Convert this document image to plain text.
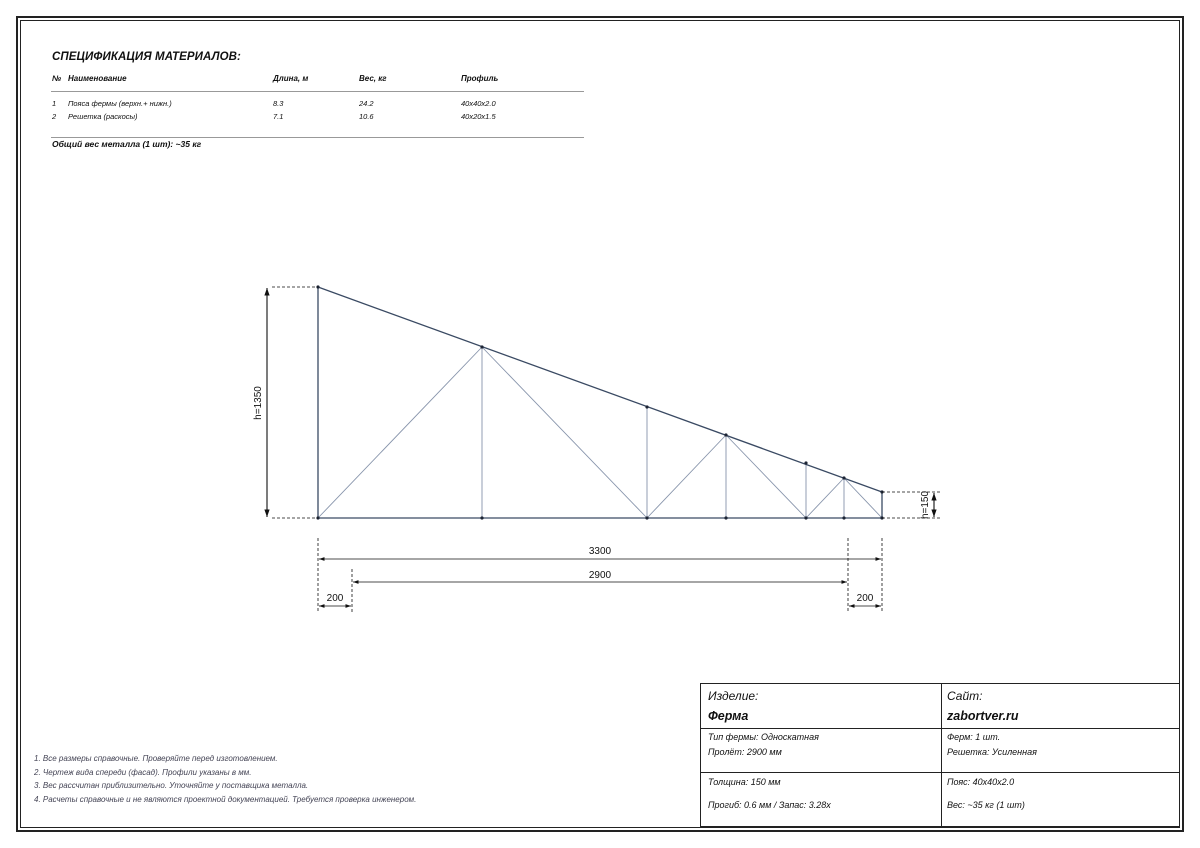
СПЕЦИФИКАЦИЯ МАТЕРИАЛОВ:
№ Наименование	Длина, м	Вес, кг	Профиль
1 Пояса фермы (верхн.+ нижн.)	8.3	24.2	40x40x2.0
2 Решетка (раскосы)	7.1	10.6	40x20x1.5
Общий вес металла (1 шт): ~35 кг
h=1350
h=150
3300
2900
200	200
1. Все размеры справочные. Проверяйте перед изготовлением.
2. Чертеж вида спереди (фасад). Профили указаны в мм.
3. Вес рассчитан приблизительно. Уточняйте у поставщика металла.
4. Расчеты справочные и не являются проектной документацией. Требуется проверка инженером.
Изделие:
Ферма
Сайт:
zabortver.ru
Тип фермы: Односкатная
Пролёт: 2900 мм
Ферм: 1 шт.
Решетка: Усиленная
Толщина: 150 мм
Прогиб: 0.6 мм / Запас: 3.28x
Пояс: 40x40x2.0
Вес: ~35 кг (1 шт)
